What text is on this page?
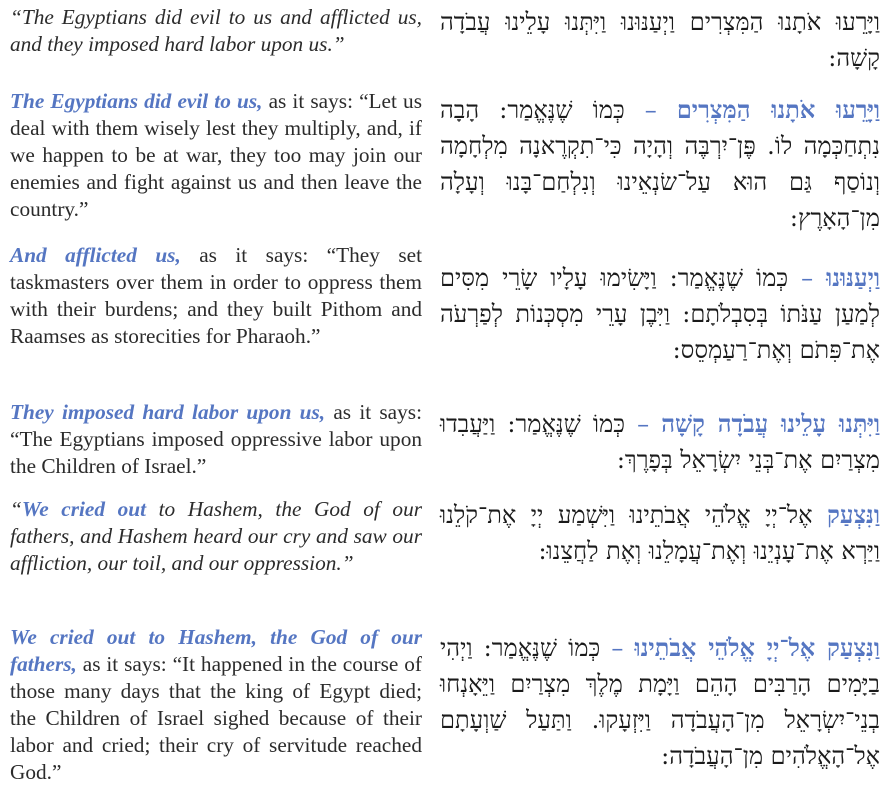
“The Egyptians did evil to us and afflicted us, and they imposed hard labor upon us.”

The Egyptians did evil to us, as it says: “Let us deal with them wisely lest they multiply, and, if we happen to be at war, they too may join our enemies and fight against us and then leave the country.”

And afflicted us, as it says: “They set taskmasters over them in order to oppress them with their burdens; and they built Pithom and Raamses as storecities for Pharaoh.”

They imposed hard labor upon us, as it says: “The Egyptians imposed oppressive labor upon the Children of Israel.”

“We cried out to Hashem, the God of our fathers, and Hashem heard our cry and saw our affliction, our toil, and our oppression.”

We cried out to Hashem, the God of our fathers, as it says: “It happened in the course of those many days that the king of Egypt died; the Children of Israel sighed because of their labor and cried; their cry of servitude reached God.”

וַיָּרֵעוּ אֹתָנוּ הַמִּצְרִים וַיְעַנּוּנוּ וַיִּתְּנוּ עָלֵינוּ עֲבֹדָה קָשָׁה:

וַיָּרֵעוּ אֹתָנוּ הַמִּצְרִים – כְּמוֹ שֶׁנֶּאֱמַר: הָבָה נִתְחַכְּמָה לוֹ. פֶּן־יִרְבֶּה וְהָיָה כִּי־תִקְרֶאנָה מִלְחָמָה וְנוֹסַף גַּם הוּא עַל־שׂנְאֵינוּ וְנִלְחַם־בָּנוּ וְעָלָה מִן־הָאָרֶץ:

וַיְעַנּוּנוּ – כְּמוֹ שֶׁנֶּאֱמַר: וַיָּשִׂימוּ עָלָיו שָׂרֵי מִסִּים לְמַעַן עַנֹּתוֹ בְּסִבְלֹתָם: וַיִּבֶן עָרֵי מִסְכְּנוֹת לְפַרְעֹה אֶת־פִּתֹם וְאֶת־רַעַמְסֵס:

וַיִּתְּנוּ עָלֵינוּ עֲבֹדָה קָשָׁה – כְּמוֹ שֶׁנֶּאֱמַר: וַיַּעֲבִדוּ מִצְרַיִם אֶת־בְּנֵי יִשְׂרָאֵל בְּפָרֶךְ:

וַנִּצְעַק אֶל־יְיָ אֱלֹהֵי אֲבֹתֵינוּ וַיִּשְׁמַע יְיָ אֶת־קֹלֵנוּ וַיַּרְא אֶת־עָנְיֵנוּ וְאֶת־עֲמָלֵנוּ וְאֶת לַחֲצֵנוּ:

וַנִּצְעַק אֶל־יְיָ אֱלֹהֵי אֲבֹתֵינוּ – כְּמוֹ שֶׁנֶּאֱמַר: וַיְהִי בַיָּמִים הָרַבִּים הָהֵם וַיָּמָת מֶלֶךְ מִצְרַיִם וַיֵּאָנְחוּ בְנֵי־יִשְׂרָאֵל מִן־הָעֲבֹדָה וַיִּזְעָקוּ. וַתַּעַל שַׁוְעָתָם אֶל־הָאֱלֹהִים מִן־הָעֲבֹדָה:
